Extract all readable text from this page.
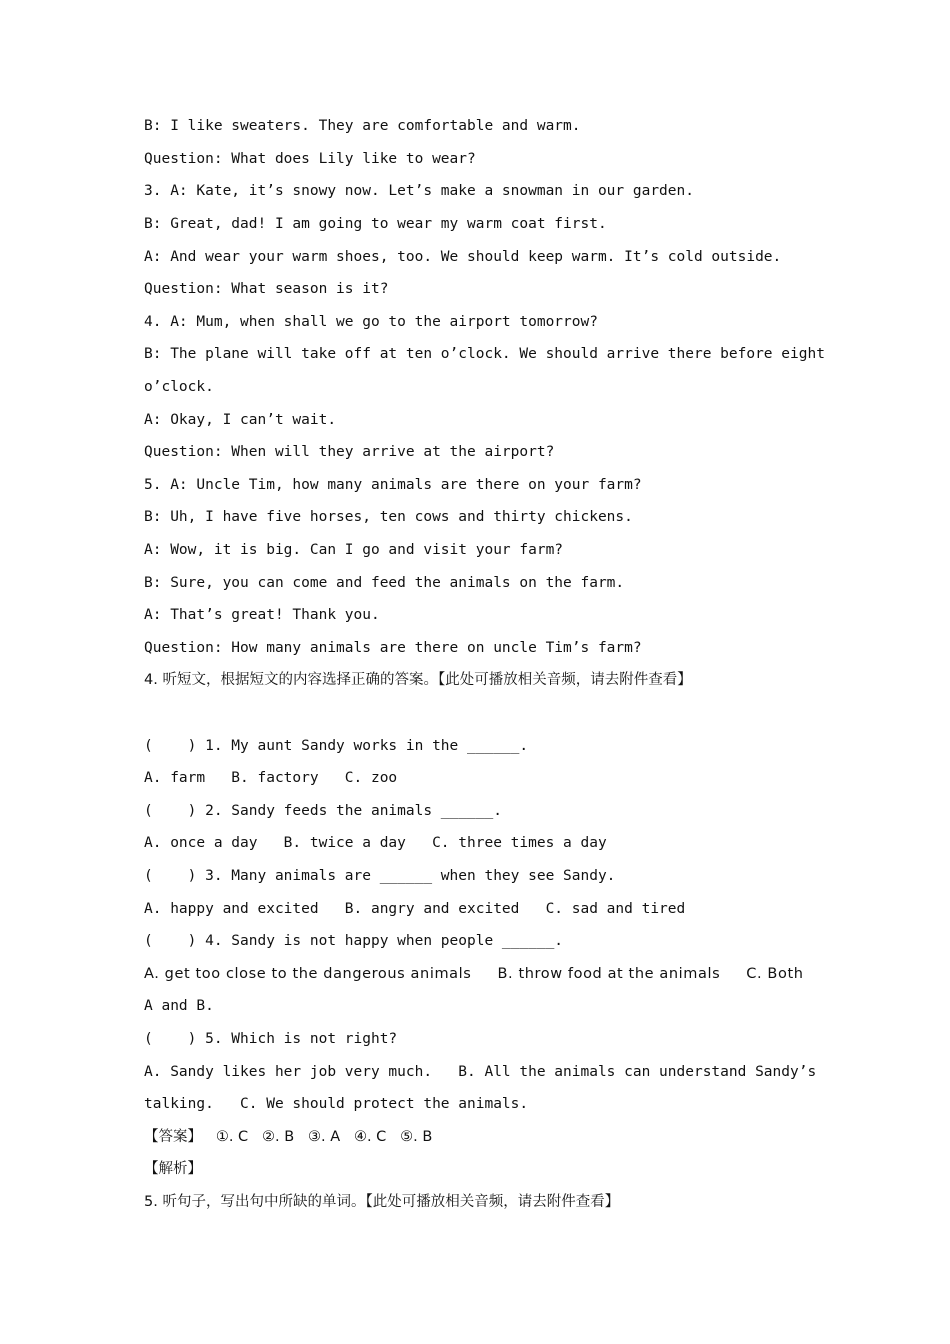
B: I like sweaters. They are comfortable and warm.
Question: What does Lily like to wear?
3. A: Kate, it’s snowy now. Let’s make a snowman in our garden.
B: Great, dad! I am going to wear my warm coat first.
A: And wear your warm shoes, too. We should keep warm. It’s cold outside.
Question: What season is it?
4. A: Mum, when shall we go to the airport tomorrow?
B: The plane will take off at ten o’clock. We should arrive there before eight
o’clock.
A: Okay, I can’t wait.
Question: When will they arrive at the airport?
5. A: Uncle Tim, how many animals are there on your farm?
B: Uh, I have five horses, ten cows and thirty chickens.
A: Wow, it is big. Can I go and visit your farm?
B: Sure, you can come and feed the animals on the farm.
A: That’s great! Thank you.
Question: How many animals are there on uncle Tim’s farm?
4. 听短文，根据短文的内容选择正确的答案。【此处可播放相关音频，请去附件查看】
(    ) 1. My aunt Sandy works in the ______.
A. farm   B. factory   C. zoo
(    ) 2. Sandy feeds the animals ______.
A. once a day   B. twice a day   C. three times a day
(    ) 3. Many animals are ______ when they see Sandy.
A. happy and excited   B. angry and excited   C. sad and tired
(    ) 4. Sandy is not happy when people ______.
A. get too close to the dangerous animals     B. throw food at the animals     C. Both
A and B.
(    ) 5. Which is not right?
A. Sandy likes her job very much.   B. All the animals can understand Sandy’s
talking.   C. We should protect the animals.
【答案】   ①. C   ②. B   ③. A   ④. C   ⑤. B
【解析】
5. 听句子，写出句中所缺的单词。【此处可播放相关音频，请去附件查看】
